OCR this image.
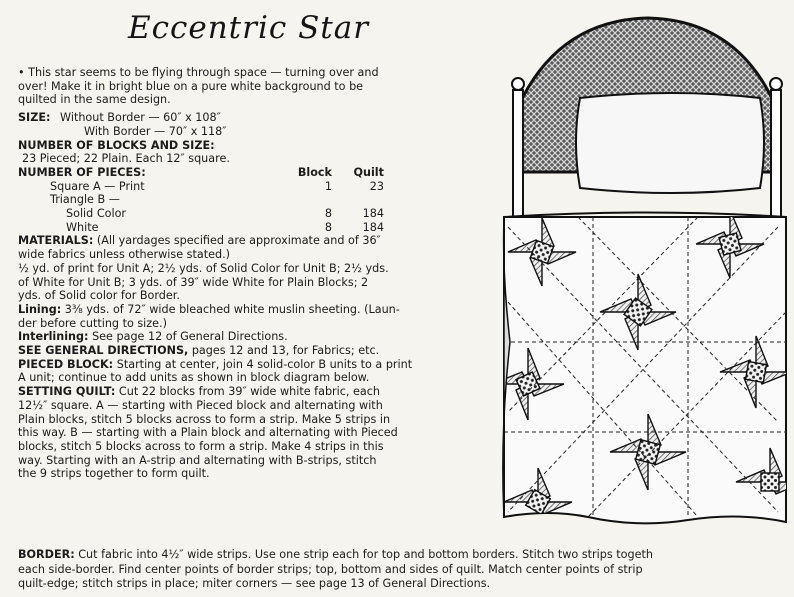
Eccentric Star

• This star seems to be flying through space — turning over and

over! Make it in bright blue on a pure white background to be

quilted in the same design.

SIZE: Without Border — 60″ x 108″

With Border — 70″ x 118″

NUMBER OF BLOCKS AND SIZE:

23 Pieced; 22 Plain. Each 12″ square.

NUMBER OF PIECES:	Block	Quilt
Square A — Print	1	23

Triangle B —

Solid Color	8	184
White	8	184

MATERIALS: (All yardages specified are approximate and of 36″

wide fabrics unless otherwise stated.)

½ yd. of print for Unit A; 2½ yds. of Solid Color for Unit B; 2½ yds.

of White for Unit B; 3 yds. of 39″ wide White for Plain Blocks; 2

yds. of Solid color for Border.

Lining: 3⅜ yds. of 72″ wide bleached white muslin sheeting. (Laun-

der before cutting to size.)

Interlining: See page 12 of General Directions.

SEE GENERAL DIRECTIONS, pages 12 and 13, for Fabrics; etc.

PIECED BLOCK: Starting at center, join 4 solid-color B units to a print

A unit; continue to add units as shown in block diagram below.

SETTING QUILT: Cut 22 blocks from 39″ wide white fabric, each

12½″ square. A — starting with Pieced block and alternating with

Plain blocks, stitch 5 blocks across to form a strip. Make 5 strips in

this way. B — starting with a Plain block and alternating with Pieced

blocks, stitch 5 blocks across to form a strip. Make 4 strips in this

way. Starting with an A-strip and alternating with B-strips, stitch

the 9 strips together to form quilt.

BORDER: Cut fabric into 4½″ wide strips. Use one strip each for top and bottom borders. Stitch two strips togeth
each side-border. Find center points of border strips; top, bottom and sides of quilt. Match center points of strip
quilt-edge; stitch strips in place; miter corners — see page 13 of General Directions.
